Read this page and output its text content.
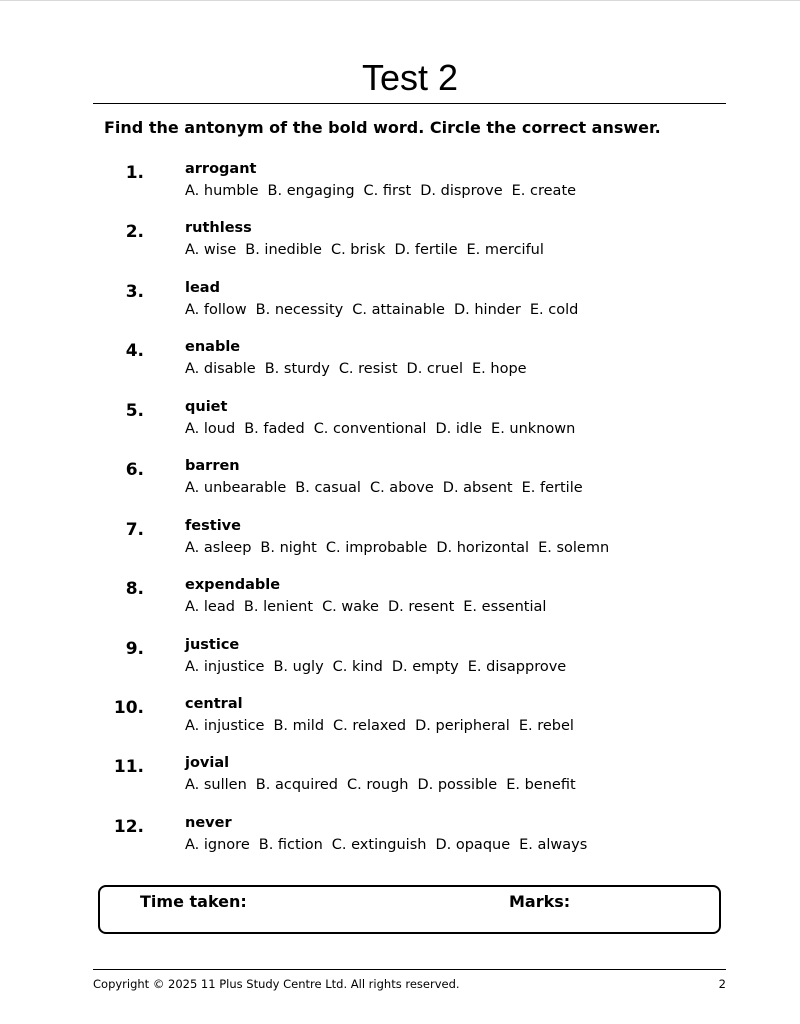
Test 2
Find the antonym of the bold word. Circle the correct answer.
1.	arrogant
A. humble B. engaging C. first D. disprove E. create
2.	ruthless
A. wise B. inedible C. brisk D. fertile E. merciful
3.	lead
A. follow B. necessity C. attainable D. hinder E. cold
4.	enable
A. disable B. sturdy C. resist D. cruel E. hope
5.	quiet
A. loud B. faded C. conventional D. idle E. unknown
6.	barren
A. unbearable B. casual C. above D. absent E. fertile
7.	festive
A. asleep B. night C. improbable D. horizontal E. solemn
8.	expendable
A. lead B. lenient C. wake D. resent E. essential
9.	justice
A. injustice B. ugly C. kind D. empty E. disapprove
10.	central
A. injustice B. mild C. relaxed D. peripheral E. rebel
11.	jovial
A. sullen B. acquired C. rough D. possible E. benefit
12.	never
A. ignore B. fiction C. extinguish D. opaque E. always
Time taken:	Marks:
Copyright © 2025 11 Plus Study Centre Ltd. All rights reserved.	2
